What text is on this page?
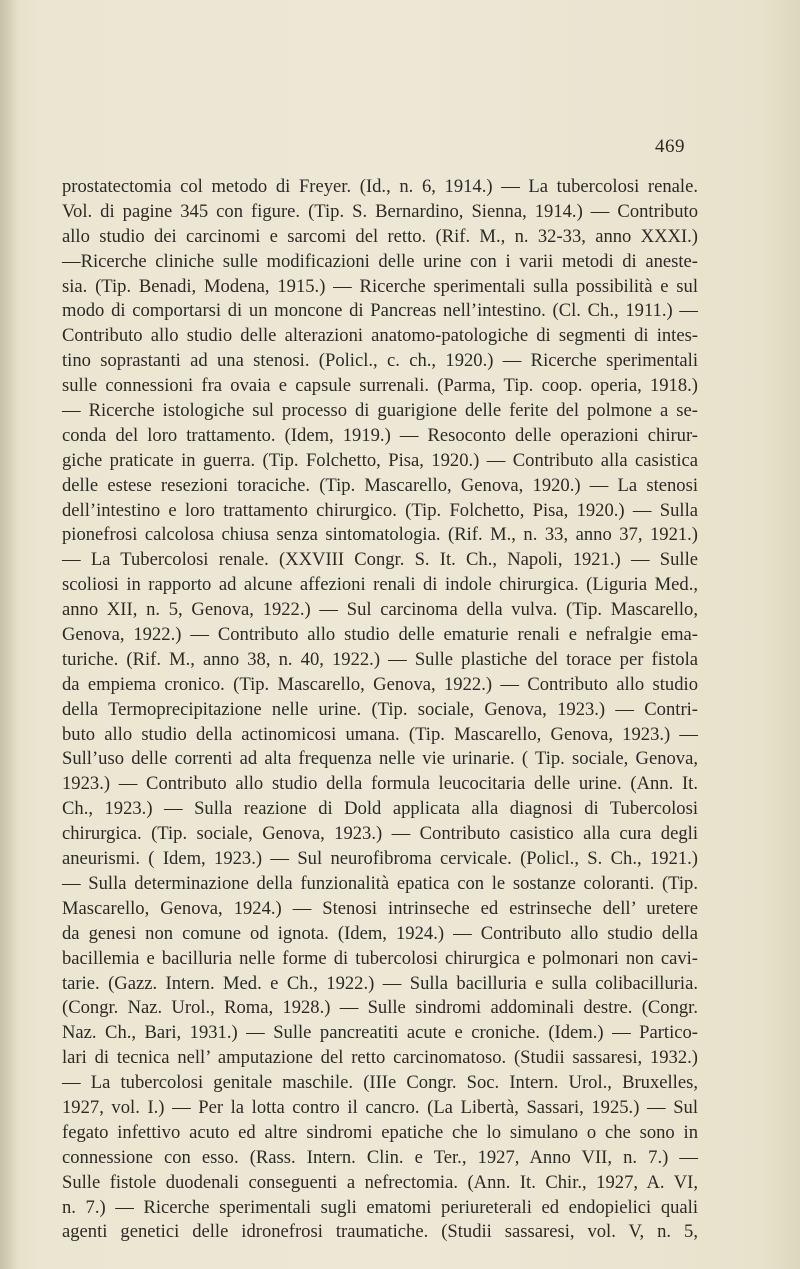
469
prostatectomia col metodo di Freyer. (Id., n. 6, 1914.) — La tubercolosi renale.
Vol. di pagine 345 con figure. (Tip. S. Bernardino, Sienna, 1914.) — Contributo
allo studio dei carcinomi e sarcomi del retto. (Rif. M., n. 32-33, anno XXXI.)
—Ricerche cliniche sulle modificazioni delle urine con i varii metodi di aneste-
sia. (Tip. Benadi, Modena, 1915.) — Ricerche sperimentali sulla possibilità e sul
modo di comportarsi di un moncone di Pancreas nell’intestino. (Cl. Ch., 1911.) —
Contributo allo studio delle alterazioni anatomo-patologiche di segmenti di intes-
tino soprastanti ad una stenosi. (Policl., c. ch., 1920.) — Ricerche sperimentali
sulle connessioni fra ovaia e capsule surrenali. (Parma, Tip. coop. operia, 1918.)
— Ricerche istologiche sul processo di guarigione delle ferite del polmone a se-
conda del loro trattamento. (Idem, 1919.) — Resoconto delle operazioni chirur-
giche praticate in guerra. (Tip. Folchetto, Pisa, 1920.) — Contributo alla casistica
delle estese resezioni toraciche. (Tip. Mascarello, Genova, 1920.) — La stenosi
dell’intestino e loro trattamento chirurgico. (Tip. Folchetto, Pisa, 1920.) — Sulla
pionefrosi calcolosa chiusa senza sintomatologia. (Rif. M., n. 33, anno 37, 1921.)
— La Tubercolosi renale. (XXVIII Congr. S. It. Ch., Napoli, 1921.) — Sulle
scoliosi in rapporto ad alcune affezioni renali di indole chirurgica. (Liguria Med.,
anno XII, n. 5, Genova, 1922.) — Sul carcinoma della vulva. (Tip. Mascarello,
Genova, 1922.) — Contributo allo studio delle ematurie renali e nefralgie ema-
turiche. (Rif. M., anno 38, n. 40, 1922.) — Sulle plastiche del torace per fistola
da empiema cronico. (Tip. Mascarello, Genova, 1922.) — Contributo allo studio
della Termoprecipitazione nelle urine. (Tip. sociale, Genova, 1923.) — Contri-
buto allo studio della actinomicosi umana. (Tip. Mascarello, Genova, 1923.) —
Sull’uso delle correnti ad alta frequenza nelle vie urinarie. ( Tip. sociale, Genova,
1923.) — Contributo allo studio della formula leucocitaria delle urine. (Ann. It.
Ch., 1923.) — Sulla reazione di Dold applicata alla diagnosi di Tubercolosi
chirurgica. (Tip. sociale, Genova, 1923.) — Contributo casistico alla cura degli
aneurismi. ( Idem, 1923.) — Sul neurofibroma cervicale. (Policl., S. Ch., 1921.)
— Sulla determinazione della funzionalità epatica con le sostanze coloranti. (Tip.
Mascarello, Genova, 1924.) — Stenosi intrinseche ed estrinseche dell’ uretere
da genesi non comune od ignota. (Idem, 1924.) — Contributo allo studio della
bacillemia e bacilluria nelle forme di tubercolosi chirurgica e polmonari non cavi-
tarie. (Gazz. Intern. Med. e Ch., 1922.) — Sulla bacilluria e sulla colibacilluria.
(Congr. Naz. Urol., Roma, 1928.) — Sulle sindromi addominali destre. (Congr.
Naz. Ch., Bari, 1931.) — Sulle pancreatiti acute e croniche. (Idem.) — Partico-
lari di tecnica nell’ amputazione del retto carcinomatoso. (Studii sassaresi, 1932.)
— La tubercolosi genitale maschile. (IIIe Congr. Soc. Intern. Urol., Bruxelles,
1927, vol. I.) — Per la lotta contro il cancro. (La Libertà, Sassari, 1925.) — Sul
fegato infettivo acuto ed altre sindromi epatiche che lo simulano o che sono in
connessione con esso. (Rass. Intern. Clin. e Ter., 1927, Anno VII, n. 7.) —
Sulle fistole duodenali conseguenti a nefrectomia. (Ann. It. Chir., 1927, A. VI,
n. 7.) — Ricerche sperimentali sugli ematomi periureterali ed endopielici quali
agenti genetici delle idronefrosi traumatiche. (Studii sassaresi, vol. V, n. 5,
